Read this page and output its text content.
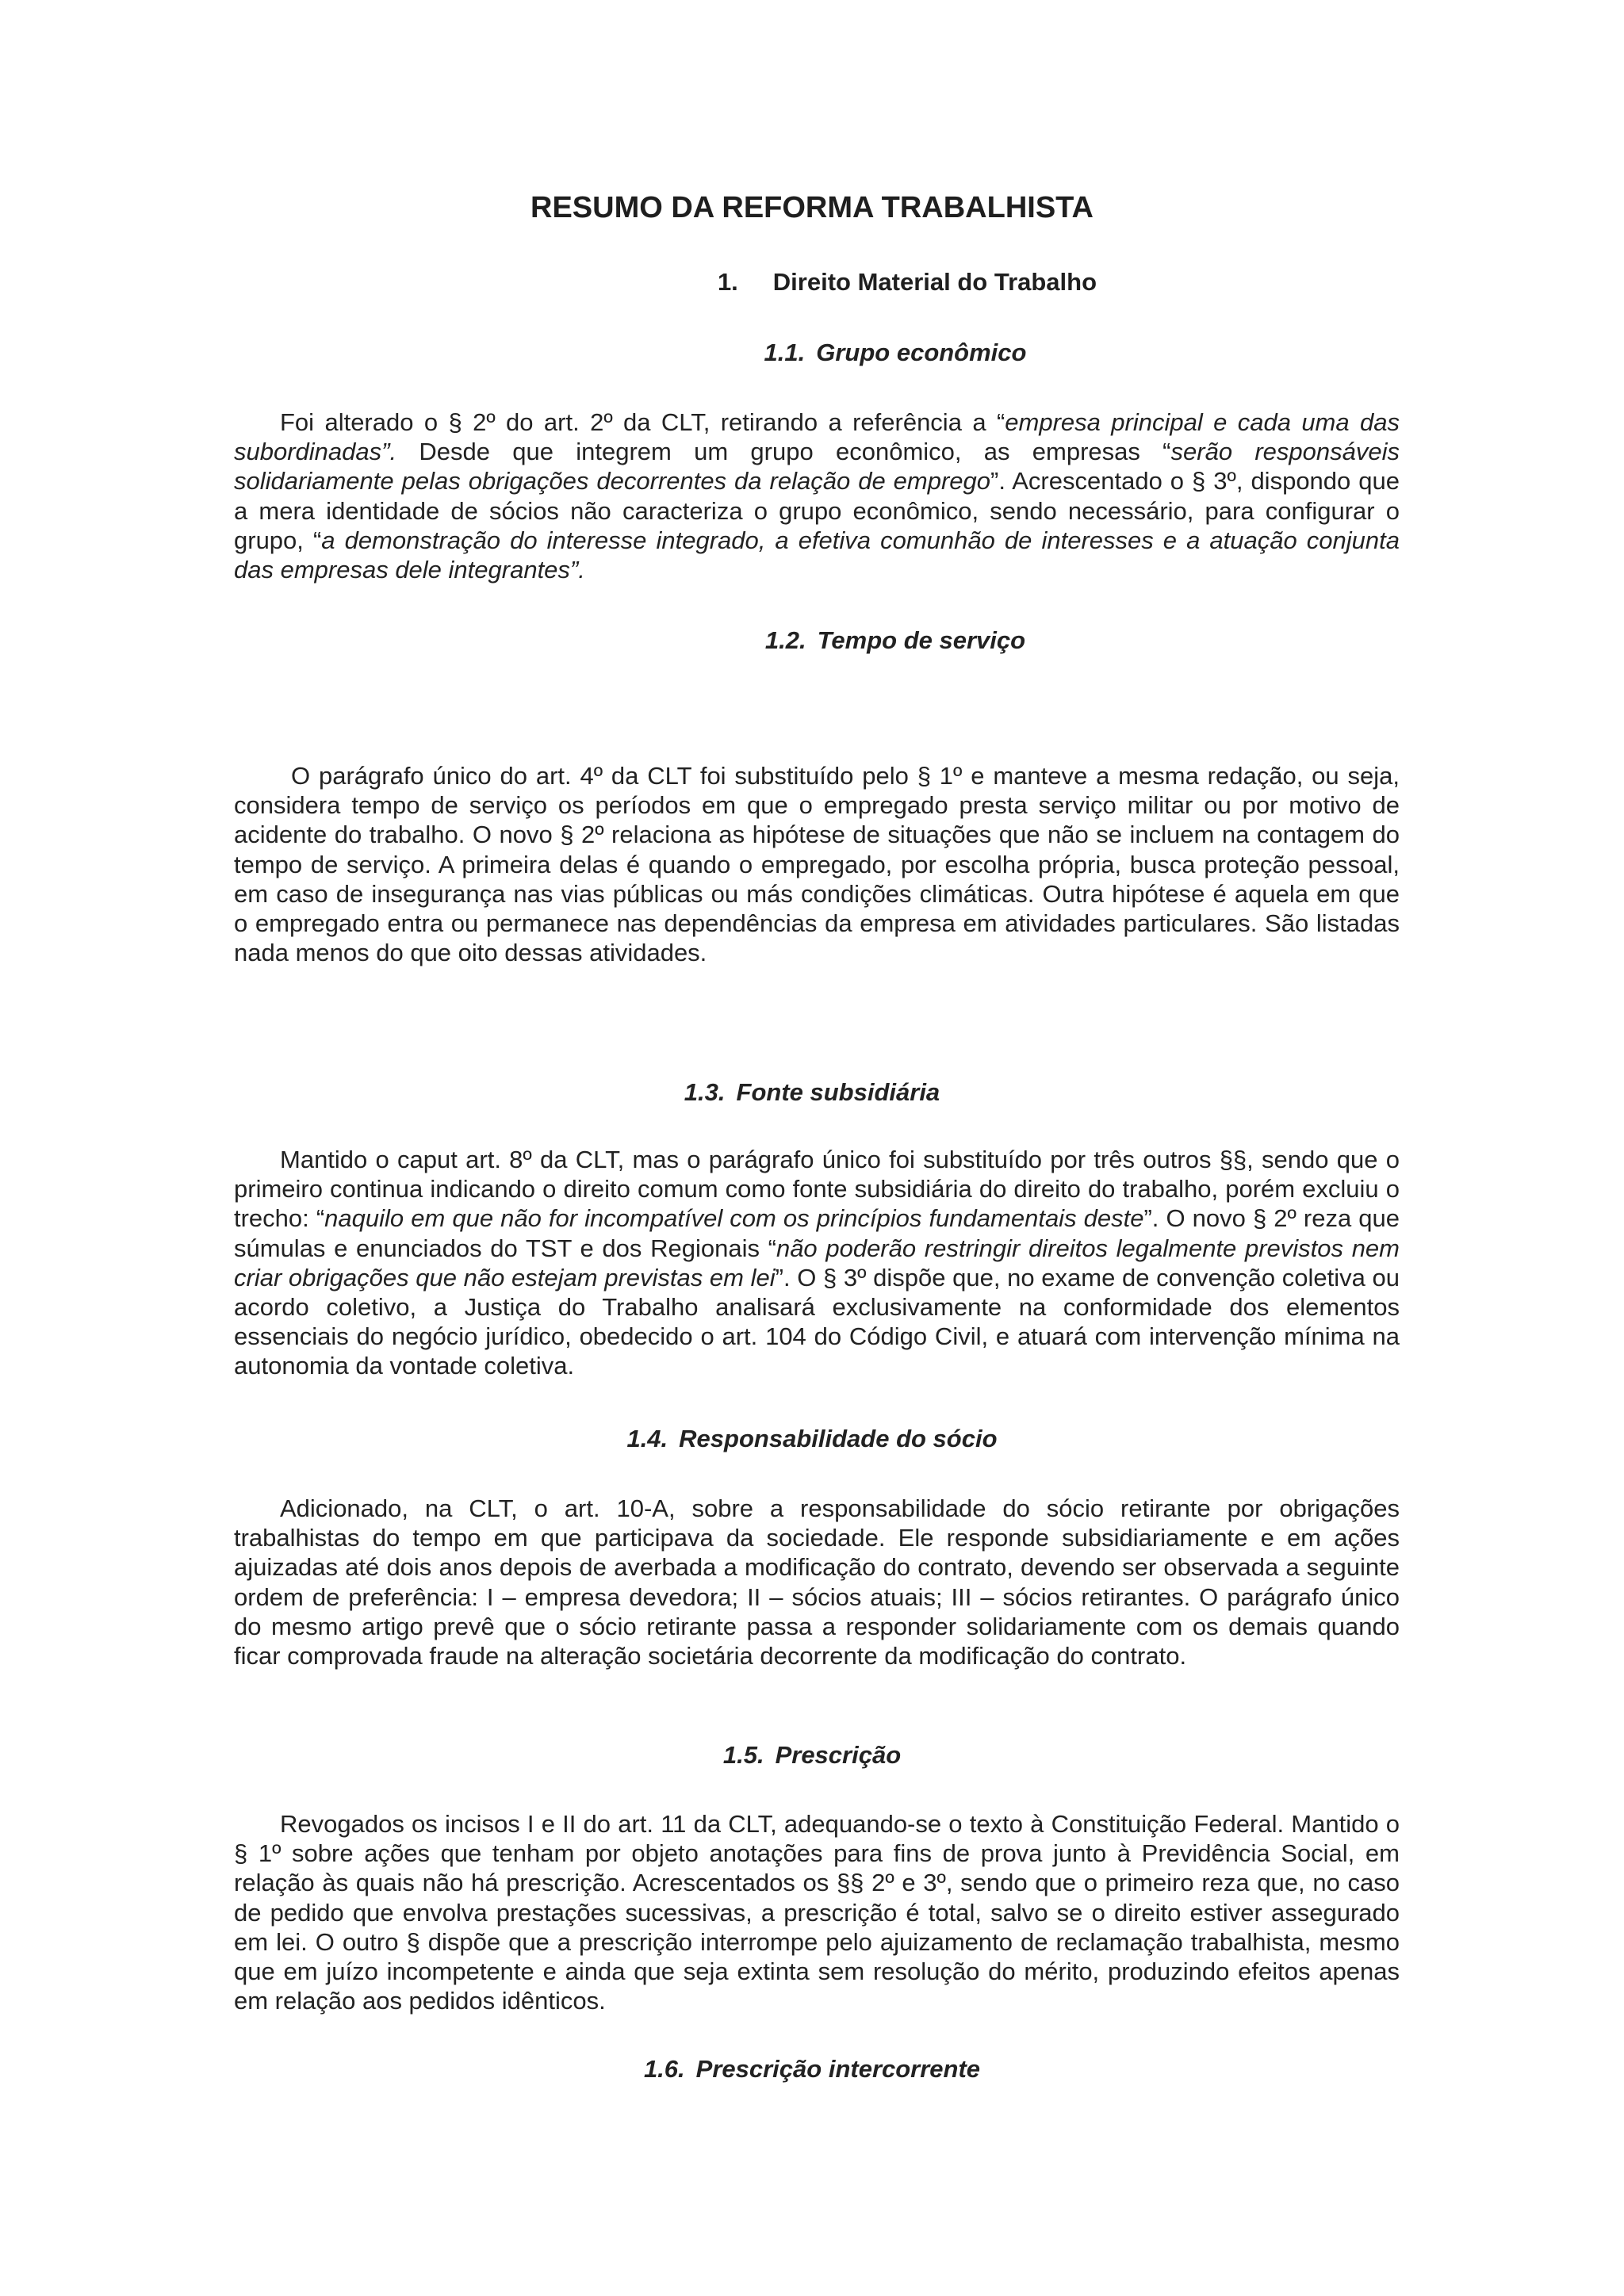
RESUMO DA REFORMA TRABALHISTA
1. Direito Material do Trabalho
1.1. Grupo econômico

Foi alterado o § 2º do art. 2º da CLT, retirando a referência a “empresa principal e cada uma das subordinadas”. Desde que integrem um grupo econômico, as empresas “serão responsáveis solidariamente pelas obrigações decorrentes da relação de emprego”. Acrescentado o § 3º, dispondo que a mera identidade de sócios não caracteriza o grupo econômico, sendo necessário, para configurar o grupo, “a demonstração do interesse integrado, a efetiva comunhão de interesses e a atuação conjunta das empresas dele integrantes”.

1.2. Tempo de serviço

O parágrafo único do art. 4º da CLT foi substituído pelo § 1º e manteve a mesma redação, ou seja, considera tempo de serviço os períodos em que o empregado presta serviço militar ou por motivo de acidente do trabalho. O novo § 2º relaciona as hipótese de situações que não se incluem na contagem do tempo de serviço. A primeira delas é quando o empregado, por escolha própria, busca proteção pessoal, em caso de insegurança nas vias públicas ou más condições climáticas. Outra hipótese é aquela em que o empregado entra ou permanece nas dependências da empresa em atividades particulares. São listadas nada menos do que oito dessas atividades.

1.3. Fonte subsidiária

Mantido o caput art. 8º da CLT, mas o parágrafo único foi substituído por três outros §§, sendo que o primeiro continua indicando o direito comum como fonte subsidiária do direito do trabalho, porém excluiu o trecho: “naquilo em que não for incompatível com os princípios fundamentais deste”. O novo § 2º reza que súmulas e enunciados do TST e dos Regionais “não poderão restringir direitos legalmente previstos nem criar obrigações que não estejam previstas em lei”. O § 3º dispõe que, no exame de convenção coletiva ou acordo coletivo, a Justiça do Trabalho analisará exclusivamente na conformidade dos elementos essenciais do negócio jurídico, obedecido o art. 104 do Código Civil, e atuará com intervenção mínima na autonomia da vontade coletiva.

1.4. Responsabilidade do sócio

Adicionado, na CLT, o art. 10-A, sobre a responsabilidade do sócio retirante por obrigações trabalhistas do tempo em que participava da sociedade. Ele responde subsidiariamente e em ações ajuizadas até dois anos depois de averbada a modificação do contrato, devendo ser observada a seguinte ordem de preferência: I – empresa devedora; II – sócios atuais; III – sócios retirantes. O parágrafo único do mesmo artigo prevê que o sócio retirante passa a responder solidariamente com os demais quando ficar comprovada fraude na alteração societária decorrente da modificação do contrato.

1.5. Prescrição

Revogados os incisos I e II do art. 11 da CLT, adequando-se o texto à Constituição Federal. Mantido o § 1º sobre ações que tenham por objeto anotações para fins de prova junto à Previdência Social, em relação às quais não há prescrição. Acrescentados os §§ 2º e 3º, sendo que o primeiro reza que, no caso de pedido que envolva prestações sucessivas, a prescrição é total, salvo se o direito estiver assegurado em lei. O outro § dispõe que a prescrição interrompe pelo ajuizamento de reclamação trabalhista, mesmo que em juízo incompetente e ainda que seja extinta sem resolução do mérito, produzindo efeitos apenas em relação aos pedidos idênticos.

1.6. Prescrição intercorrente
